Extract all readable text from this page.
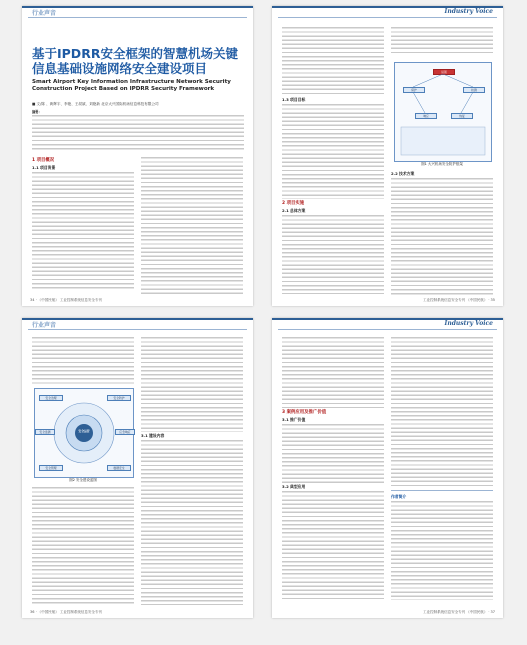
行业声音
基于IPDRR安全框架的智慧机场关键信息基础设施网络安全建设项目
Smart Airport Key Information Infrastructure Network Security Construction Project Based on IPDRR Security Framework
■ 文/陈 、黄辉宇、李艳、王叔斌、刘艳新 北京大兴国际机场信息科技有限公司
摘要：
1 项目概况
1.1 项目背景
34 · 《中国民航》 工业控制系统信息安全专刊
Industry Voice
1.3 项目目标
2 项目实施
2.1 总体方案
识别
保护	检测
响应	恢复
图1 大兴机场安全防护框架
2.2 技术方案
工业控制系统信息安全专刊 《中国民航》 · 35
行业声音
安全运营
安全治理	安全防护
安全监测	应急响应
安全管理	数据安全
图2 安全建设蓝图
3.1 建设内容
36 · 《中国民航》 工业控制系统信息安全专刊
Industry Voice
3 案例应用及推广价值
3.1 推广价值
3.2 典型应用
作者简介
工业控制系统信息安全专刊 《中国民航》 · 37
